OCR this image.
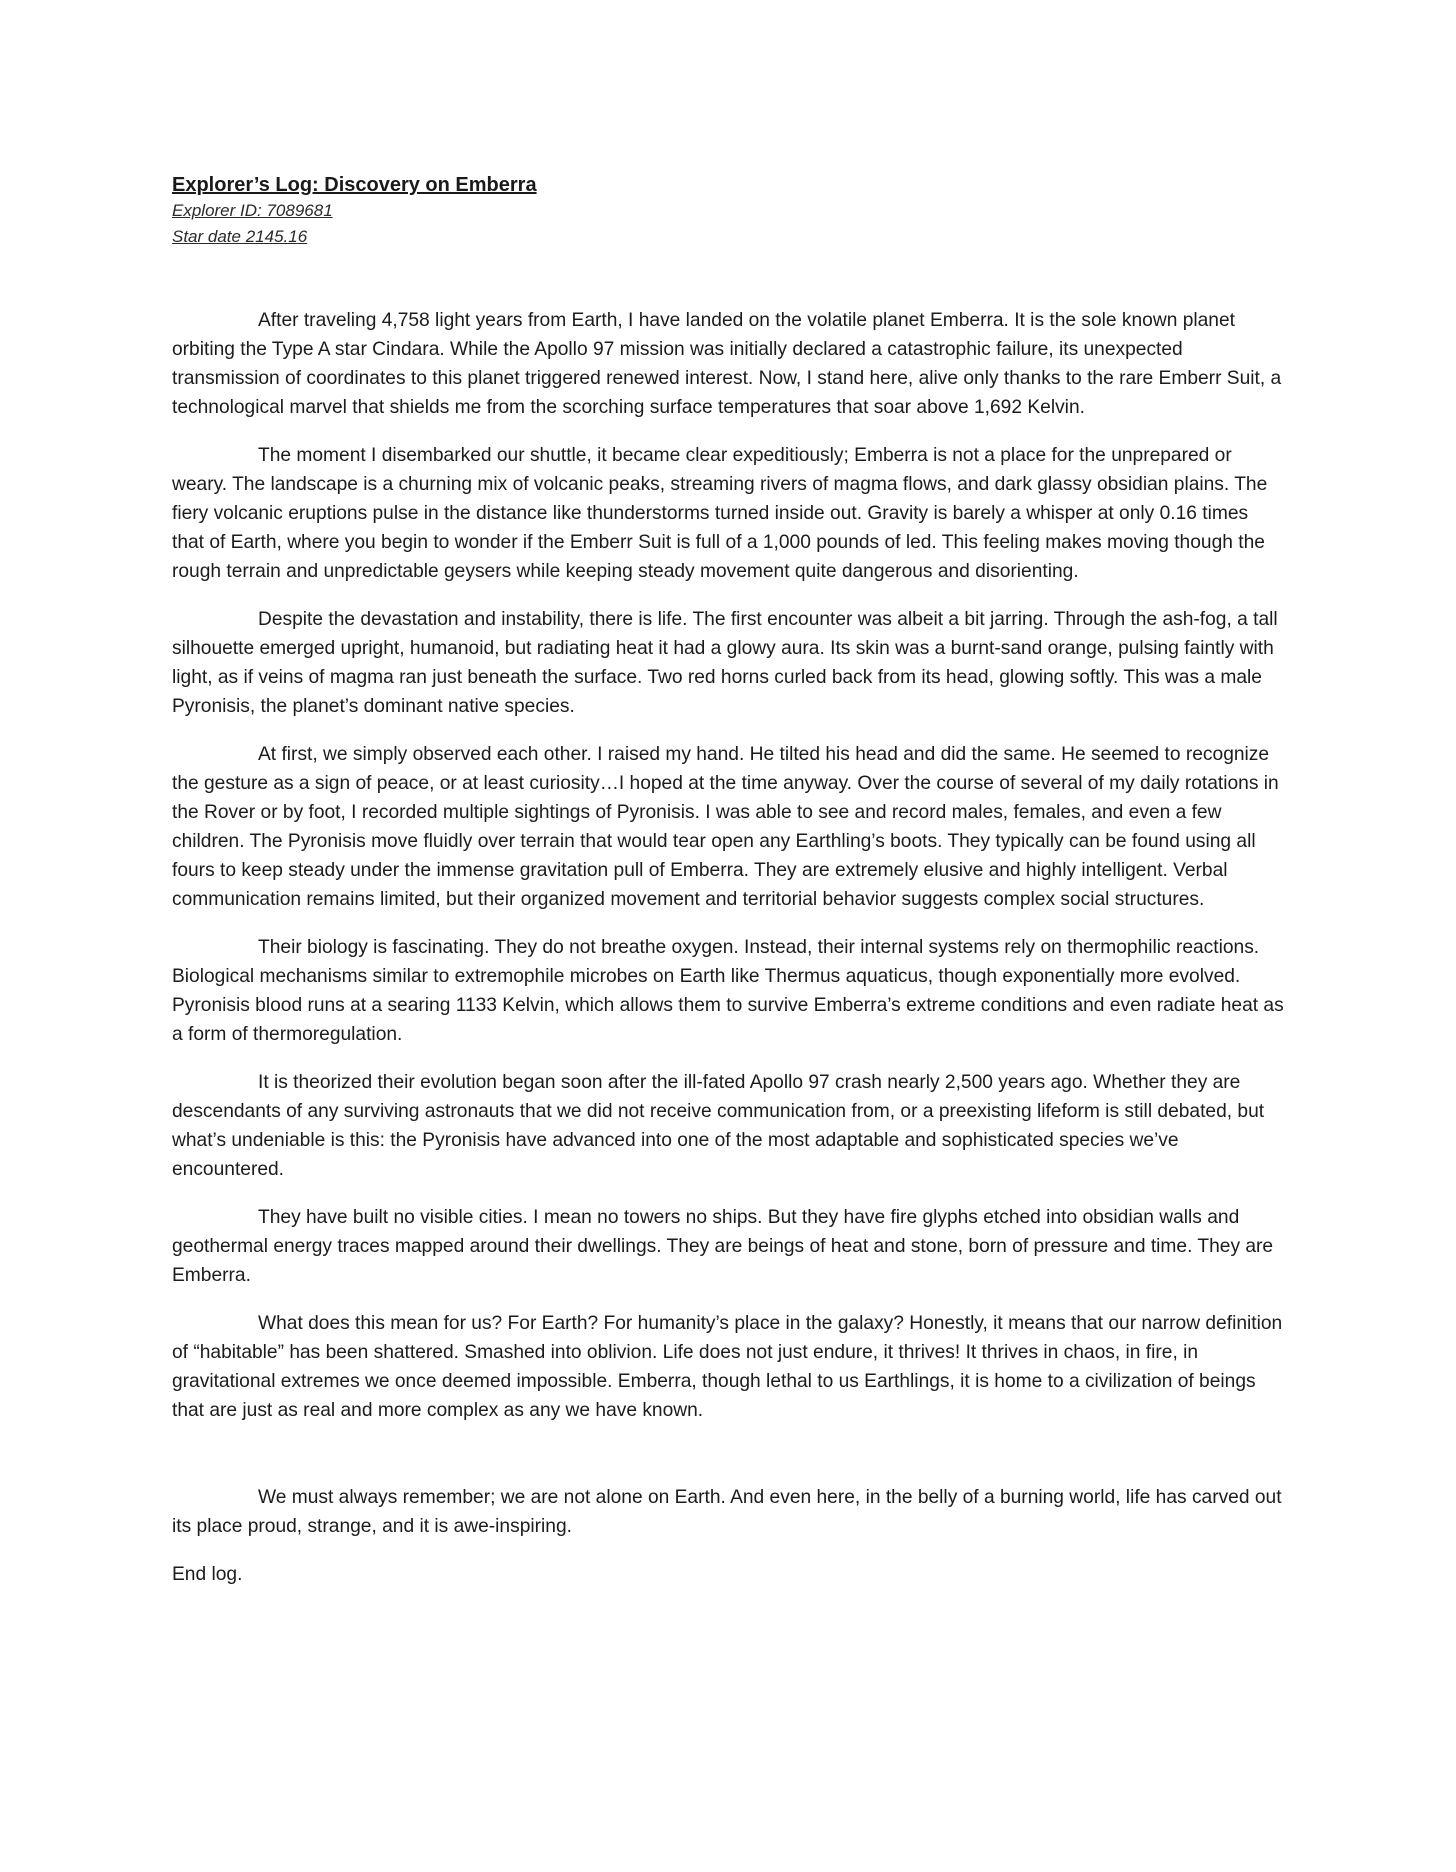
Explorer’s Log: Discovery on Emberra

Explorer ID: 7089681

Star date 2145.16

After traveling 4,758 light years from Earth, I have landed on the volatile planet Emberra. It is the sole known planet orbiting the Type A star Cindara. While the Apollo 97 mission was initially declared a catastrophic failure, its unexpected transmission of coordinates to this planet triggered renewed interest. Now, I stand here, alive only thanks to the rare Emberr Suit, a technological marvel that shields me from the scorching surface temperatures that soar above 1,692 Kelvin.

The moment I disembarked our shuttle, it became clear expeditiously; Emberra is not a place for the unprepared or weary. The landscape is a churning mix of volcanic peaks, streaming rivers of magma flows, and dark glassy obsidian plains. The fiery volcanic eruptions pulse in the distance like thunderstorms turned inside out. Gravity is barely a whisper at only 0.16 times that of Earth, where you begin to wonder if the Emberr Suit is full of a 1,000 pounds of led. This feeling makes moving though the rough terrain and unpredictable geysers while keeping steady movement quite dangerous and disorienting.

Despite the devastation and instability, there is life. The first encounter was albeit a bit jarring. Through the ash-fog, a tall silhouette emerged upright, humanoid, but radiating heat it had a glowy aura. Its skin was a burnt-sand orange, pulsing faintly with light, as if veins of magma ran just beneath the surface. Two red horns curled back from its head, glowing softly. This was a male Pyronisis, the planet’s dominant native species.

At first, we simply observed each other. I raised my hand. He tilted his head and did the same. He seemed to recognize the gesture as a sign of peace, or at least curiosity…I hoped at the time anyway. Over the course of several of my daily rotations in the Rover or by foot, I recorded multiple sightings of Pyronisis. I was able to see and record males, females, and even a few children. The Pyronisis move fluidly over terrain that would tear open any Earthling’s boots. They typically can be found using all fours to keep steady under the immense gravitation pull of Emberra. They are extremely elusive and highly intelligent. Verbal communication remains limited, but their organized movement and territorial behavior suggests complex social structures.

Their biology is fascinating. They do not breathe oxygen. Instead, their internal systems rely on thermophilic reactions. Biological mechanisms similar to extremophile microbes on Earth like Thermus aquaticus, though exponentially more evolved. Pyronisis blood runs at a searing 1133 Kelvin, which allows them to survive Emberra’s extreme conditions and even radiate heat as a form of thermoregulation.

It is theorized their evolution began soon after the ill-fated Apollo 97 crash nearly 2,500 years ago. Whether they are descendants of any surviving astronauts that we did not receive communication from, or a preexisting lifeform is still debated, but what’s undeniable is this: the Pyronisis have advanced into one of the most adaptable and sophisticated species we’ve encountered.

They have built no visible cities. I mean no towers no ships. But they have fire glyphs etched into obsidian walls and geothermal energy traces mapped around their dwellings. They are beings of heat and stone, born of pressure and time. They are Emberra.

What does this mean for us? For Earth? For humanity’s place in the galaxy? Honestly, it means that our narrow definition of “habitable” has been shattered. Smashed into oblivion. Life does not just endure, it thrives! It thrives in chaos, in fire, in gravitational extremes we once deemed impossible. Emberra, though lethal to us Earthlings, it is home to a civilization of beings that are just as real and more complex as any we have known.

We must always remember; we are not alone on Earth. And even here, in the belly of a burning world, life has carved out its place proud, strange, and it is awe-inspiring.

End log.
